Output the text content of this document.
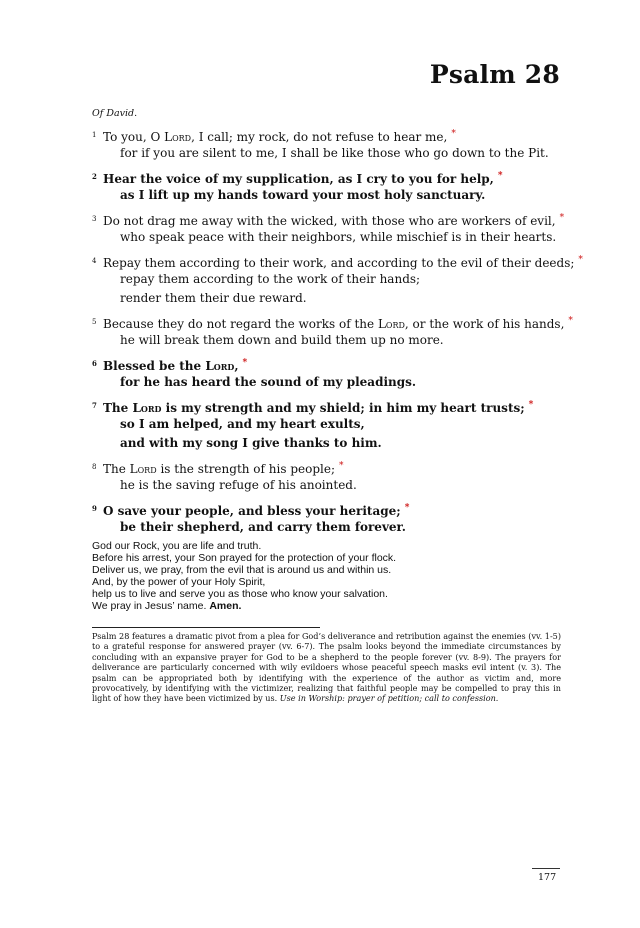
Psalm 28
Of David.
1 To you, O Lord, I call; my rock, do not refuse to hear me, *
for if you are silent to me, I shall be like those who go down to the Pit.
2 Hear the voice of my supplication, as I cry to you for help, *
as I lift up my hands toward your most holy sanctuary.
3 Do not drag me away with the wicked, with those who are workers of evil, *
who speak peace with their neighbors, while mischief is in their hearts.
4 Repay them according to their work, and according to the evil of their deeds; *
repay them according to the work of their hands;
render them their due reward.
5 Because they do not regard the works of the Lord, or the work of his hands, *
he will break them down and build them up no more.
6 Blessed be the Lord, *
for he has heard the sound of my pleadings.
7 The Lord is my strength and my shield; in him my heart trusts; *
so I am helped, and my heart exults,
and with my song I give thanks to him.
8 The Lord is the strength of his people; *
he is the saving refuge of his anointed.
9 O save your people, and bless your heritage; *
be their shepherd, and carry them forever.
God our Rock, you are life and truth.
Before his arrest, your Son prayed for the protection of your flock.
Deliver us, we pray, from the evil that is around us and within us.
And, by the power of your Holy Spirit,
help us to live and serve you as those who know your salvation.
We pray in Jesus’ name. Amen.
Psalm 28 features a dramatic pivot from a plea for God’s deliverance and retribution against the enemies (vv. 1-5) to a grateful response for answered prayer (vv. 6-7). The psalm looks beyond the immediate circumstances by concluding with an expansive prayer for God to be a shepherd to the people forever (vv. 8-9). The prayers for deliverance are particularly concerned with wily evildoers whose peaceful speech masks evil intent (v. 3). The psalm can be appropriated both by identifying with the experience of the author as victim and, more provocatively, by identifying with the victimizer, realizing that faithful people may be compelled to pray this in light of how they have been victimized by us. Use in Worship: prayer of petition; call to confession.
177
